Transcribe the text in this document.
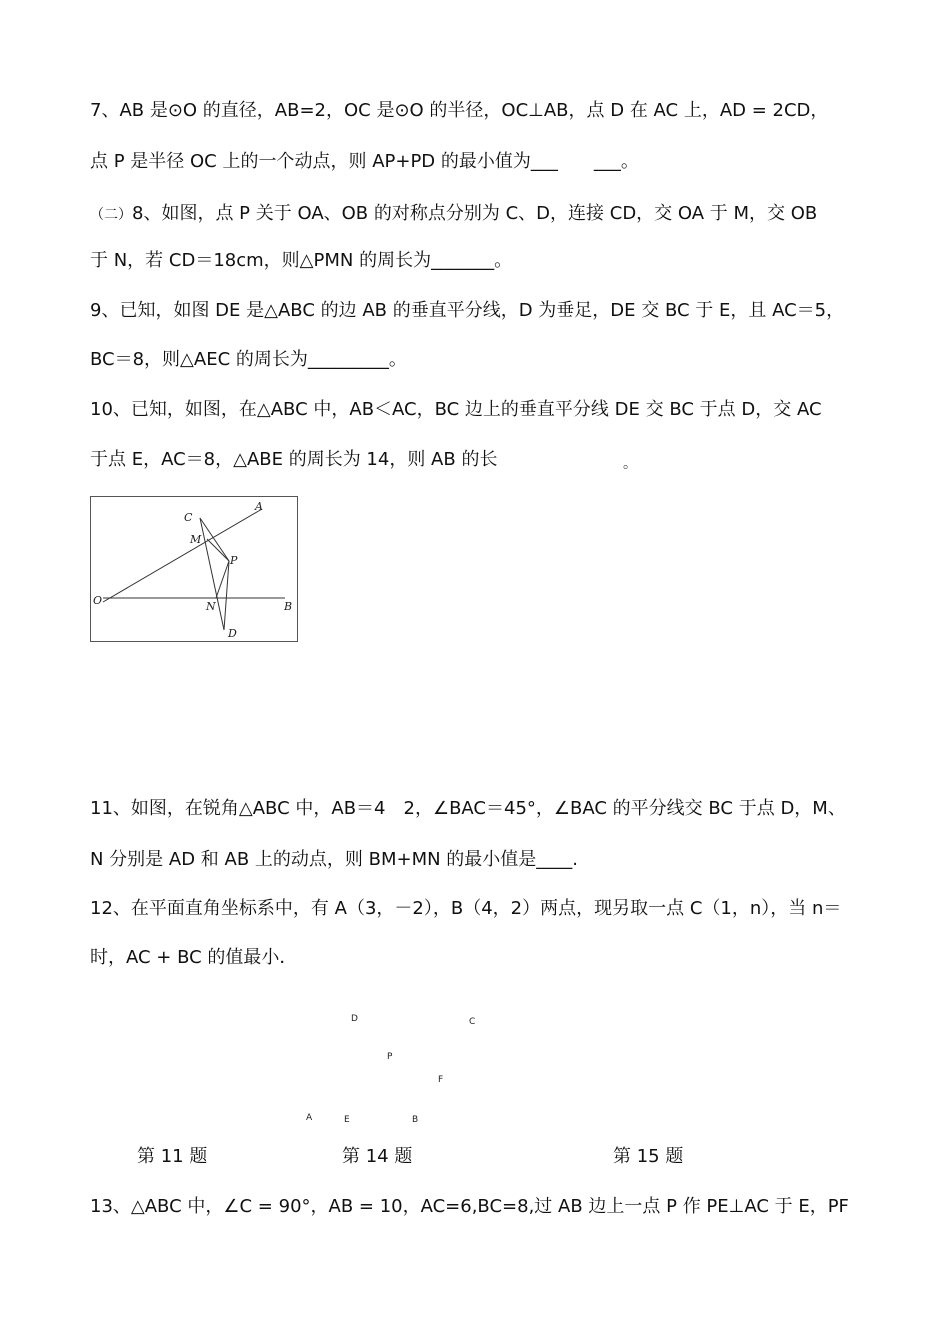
7、AB 是⊙O 的直径，AB=2，OC 是⊙O 的半径，OC⊥AB，点 D 在 AC 上，AD = 2CD，
点 P 是半径 OC 上的一个动点，则 AP+PD 的最小值为___　　___。
（二）8、如图，点 P 关于 OA、OB 的对称点分别为 C、D，连接 CD，交 OA 于 M，交 OB
于 N，若 CD＝18cm，则△PMN 的周长为_______。
9、已知，如图 DE 是△ABC 的边 AB 的垂直平分线，D 为垂足，DE 交 BC 于 E，且 AC＝5，
BC＝8，则△AEC 的周长为_________。
10、已知，如图，在△ABC 中，AB＜AC，BC 边上的垂直平分线 DE 交 BC 于点 D，交 AC
于点 E，AC＝8，△ABE 的周长为 14，则 AB 的长	。
C
A
M
P
O	N	B
D
11、如图，在锐角△ABC 中，AB＝4　2，∠BAC＝45°，∠BAC 的平分线交 BC 于点 D，M、
N 分别是 AD 和 AB 上的动点，则 BM+MN 的最小值是____.
12、在平面直角坐标系中，有 A（3，－2），B（4，2）两点，现另取一点 C（1，n），当 n＝
时，AC + BC 的值最小．
D	C
P
F
A	E	B
第 11 题	第 14 题	第 15 题
13、△ABC 中，∠C = 90°，AB = 10，AC=6,BC=8,过 AB 边上一点 P 作 PE⊥AC 于 E，PF
